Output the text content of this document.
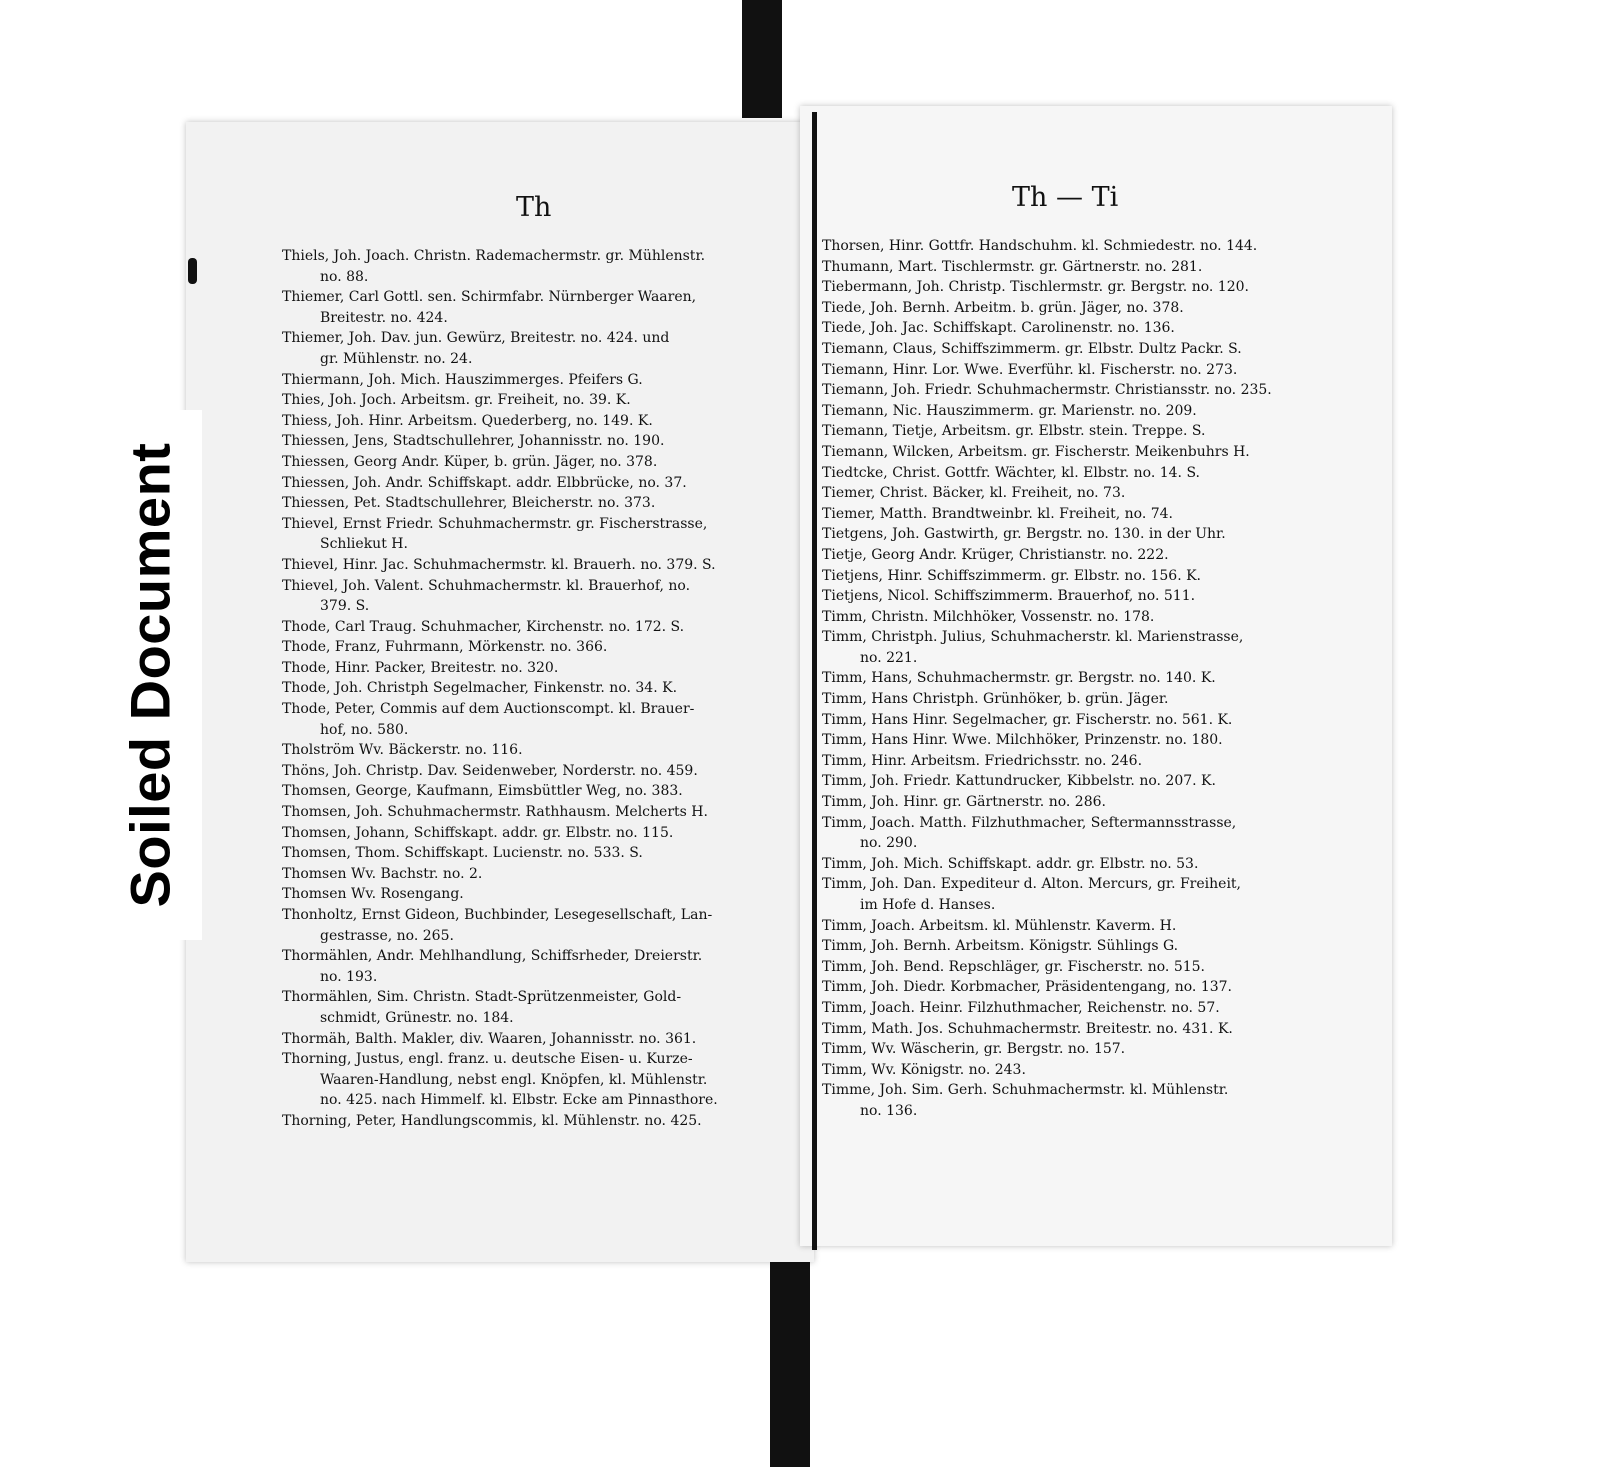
Th	Th — Ti
Thiels, Joh. Joach. Christn. Rademachermstr. gr. Mühlenstr.
no. 88.
Thiemer, Carl Gottl. sen. Schirmfabr. Nürnberger Waaren,
Breitestr. no. 424.
Thiemer, Joh. Dav. jun. Gewürz, Breitestr. no. 424. und
gr. Mühlenstr. no. 24.
Thiermann, Joh. Mich. Hauszimmerges. Pfeifers G.
Thies, Joh. Joch. Arbeitsm. gr. Freiheit, no. 39. K.
Thiess, Joh. Hinr. Arbeitsm. Quederberg, no. 149. K.
Thiessen, Jens, Stadtschullehrer, Johannisstr. no. 190.
Thiessen, Georg Andr. Küper, b. grün. Jäger, no. 378.
Thiessen, Joh. Andr. Schiffskapt. addr. Elbbrücke, no. 37.
Thiessen, Pet. Stadtschullehrer, Bleicherstr. no. 373.
Thievel, Ernst Friedr. Schuhmachermstr. gr. Fischerstrasse,
Schliekut H.
Thievel, Hinr. Jac. Schuhmachermstr. kl. Brauerh. no. 379. S.
Thievel, Joh. Valent. Schuhmachermstr. kl. Brauerhof, no.
379. S.
Thode, Carl Traug. Schuhmacher, Kirchenstr. no. 172. S.
Thode, Franz, Fuhrmann, Mörkenstr. no. 366.
Thode, Hinr. Packer, Breitestr. no. 320.
Thode, Joh. Christph Segelmacher, Finkenstr. no. 34. K.
Thode, Peter, Commis auf dem Auctionscompt. kl. Brauer-
hof, no. 580.
Tholström Wv. Bäckerstr. no. 116.
Thöns, Joh. Christp. Dav. Seidenweber, Norderstr. no. 459.
Thomsen, George, Kaufmann, Eimsbüttler Weg, no. 383.
Thomsen, Joh. Schuhmachermstr. Rathhausm. Melcherts H.
Thomsen, Johann, Schiffskapt. addr. gr. Elbstr. no. 115.
Thomsen, Thom. Schiffskapt. Lucienstr. no. 533. S.
Thomsen Wv. Bachstr. no. 2.
Thomsen Wv. Rosengang.
Thonholtz, Ernst Gideon, Buchbinder, Lesegesellschaft, Lan-
gestrasse, no. 265.
Thormählen, Andr. Mehlhandlung, Schiffsrheder, Dreierstr.
no. 193.
Thormählen, Sim. Christn. Stadt-Sprützenmeister, Gold-
schmidt, Grünestr. no. 184.
Thormäh, Balth. Makler, div. Waaren, Johannisstr. no. 361.
Thorning, Justus, engl. franz. u. deutsche Eisen- u. Kurze-
Waaren-Handlung, nebst engl. Knöpfen, kl. Mühlenstr.
no. 425. nach Himmelf. kl. Elbstr. Ecke am Pinnasthore.
Thorning, Peter, Handlungscommis, kl. Mühlenstr. no. 425.
Thorsen, Hinr. Gottfr. Handschuhm. kl. Schmiedestr. no. 144.
Thumann, Mart. Tischlermstr. gr. Gärtnerstr. no. 281.
Tiebermann, Joh. Christp. Tischlermstr. gr. Bergstr. no. 120.
Tiede, Joh. Bernh. Arbeitm. b. grün. Jäger, no. 378.
Tiede, Joh. Jac. Schiffskapt. Carolinenstr. no. 136.
Tiemann, Claus, Schiffszimmerm. gr. Elbstr. Dultz Packr. S.
Tiemann, Hinr. Lor. Wwe. Everführ. kl. Fischerstr. no. 273.
Tiemann, Joh. Friedr. Schuhmachermstr. Christiansstr. no. 235.
Tiemann, Nic. Hauszimmerm. gr. Marienstr. no. 209.
Tiemann, Tietje, Arbeitsm. gr. Elbstr. stein. Treppe. S.
Tiemann, Wilcken, Arbeitsm. gr. Fischerstr. Meikenbuhrs H.
Tiedtcke, Christ. Gottfr. Wächter, kl. Elbstr. no. 14. S.
Tiemer, Christ. Bäcker, kl. Freiheit, no. 73.
Tiemer, Matth. Brandtweinbr. kl. Freiheit, no. 74.
Tietgens, Joh. Gastwirth, gr. Bergstr. no. 130. in der Uhr.
Tietje, Georg Andr. Krüger, Christianstr. no. 222.
Tietjens, Hinr. Schiffszimmerm. gr. Elbstr. no. 156. K.
Tietjens, Nicol. Schiffszimmerm. Brauerhof, no. 511.
Timm, Christn. Milchhöker, Vossenstr. no. 178.
Timm, Christph. Julius, Schuhmacherstr. kl. Marienstrasse,
no. 221.
Timm, Hans, Schuhmachermstr. gr. Bergstr. no. 140. K.
Timm, Hans Christph. Grünhöker, b. grün. Jäger.
Timm, Hans Hinr. Segelmacher, gr. Fischerstr. no. 561. K.
Timm, Hans Hinr. Wwe. Milchhöker, Prinzenstr. no. 180.
Timm, Hinr. Arbeitsm. Friedrichsstr. no. 246.
Timm, Joh. Friedr. Kattundrucker, Kibbelstr. no. 207. K.
Timm, Joh. Hinr. gr. Gärtnerstr. no. 286.
Timm, Joach. Matth. Filzhuthmacher, Seftermannsstrasse,
no. 290.
Timm, Joh. Mich. Schiffskapt. addr. gr. Elbstr. no. 53.
Timm, Joh. Dan. Expediteur d. Alton. Mercurs, gr. Freiheit,
im Hofe d. Hanses.
Timm, Joach. Arbeitsm. kl. Mühlenstr. Kaverm. H.
Timm, Joh. Bernh. Arbeitsm. Königstr. Sühlings G.
Timm, Joh. Bend. Repschläger, gr. Fischerstr. no. 515.
Timm, Joh. Diedr. Korbmacher, Präsidentengang, no. 137.
Timm, Joach. Heinr. Filzhuthmacher, Reichenstr. no. 57.
Timm, Math. Jos. Schuhmachermstr. Breitestr. no. 431. K.
Timm, Wv. Wäscherin, gr. Bergstr. no. 157.
Timm, Wv. Königstr. no. 243.
Timme, Joh. Sim. Gerh. Schuhmachermstr. kl. Mühlenstr.
no. 136.
Soiled Document
